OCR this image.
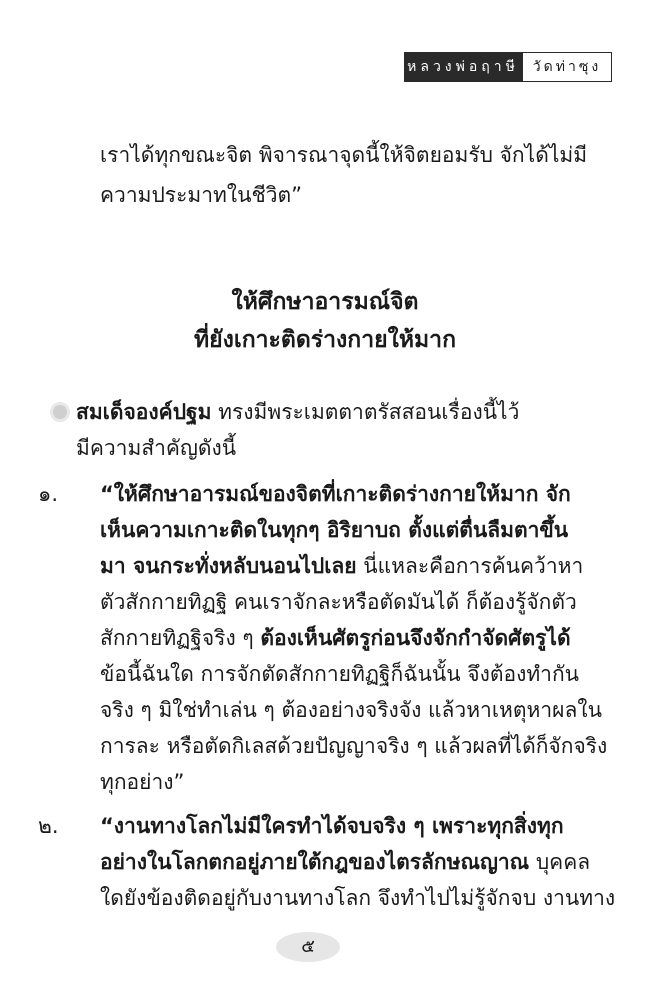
หลวงพ่อฤาษี วัดท่าซุง
เราได้ทุกขณะจิต พิจารณาจุดนี้ให้จิตยอมรับ จักได้ไม่มี
ความประมาทในชีวิต”
ให้ศึกษาอารมณ์จิต
ที่ยังเกาะติดร่างกายให้มาก
สมเด็จองค์ปฐม ทรงมีพระเมตตาตรัสสอนเรื่องนี้ไว้
มีความสำคัญดังนี้
๑. “ให้ศึกษาอารมณ์ของจิตที่เกาะติดร่างกายให้มาก จัก
เห็นความเกาะติดในทุกๆ อิริยาบถ ตั้งแต่ตื่นลืมตาขึ้น
มา จนกระทั่งหลับนอนไปเลย นี่แหละคือการค้นคว้าหา
ตัวสักกายทิฏฐิ คนเราจักละหรือตัดมันได้ ก็ต้องรู้จักตัว
สักกายทิฏฐิจริง ๆ ต้องเห็นศัตรูก่อนจึงจักกำจัดศัตรูได้
ข้อนี้ฉันใด การจักตัดสักกายทิฏฐิก็ฉันนั้น จึงต้องทำกัน
จริง ๆ มิใช่ทำเล่น ๆ ต้องอย่างจริงจัง แล้วหาเหตุหาผลใน
การละ หรือตัดกิเลสด้วยปัญญาจริง ๆ แล้วผลที่ได้ก็จักจริง
ทุกอย่าง”
๒. “งานทางโลกไม่มีใครทำได้จบจริง ๆ เพราะทุกสิ่งทุก
อย่างในโลกตกอยู่ภายใต้กฎของไตรลักษณญาณ บุคคล
ใดยังข้องติดอยู่กับงานทางโลก จึงทำไปไม่รู้จักจบ งานทาง
๕
